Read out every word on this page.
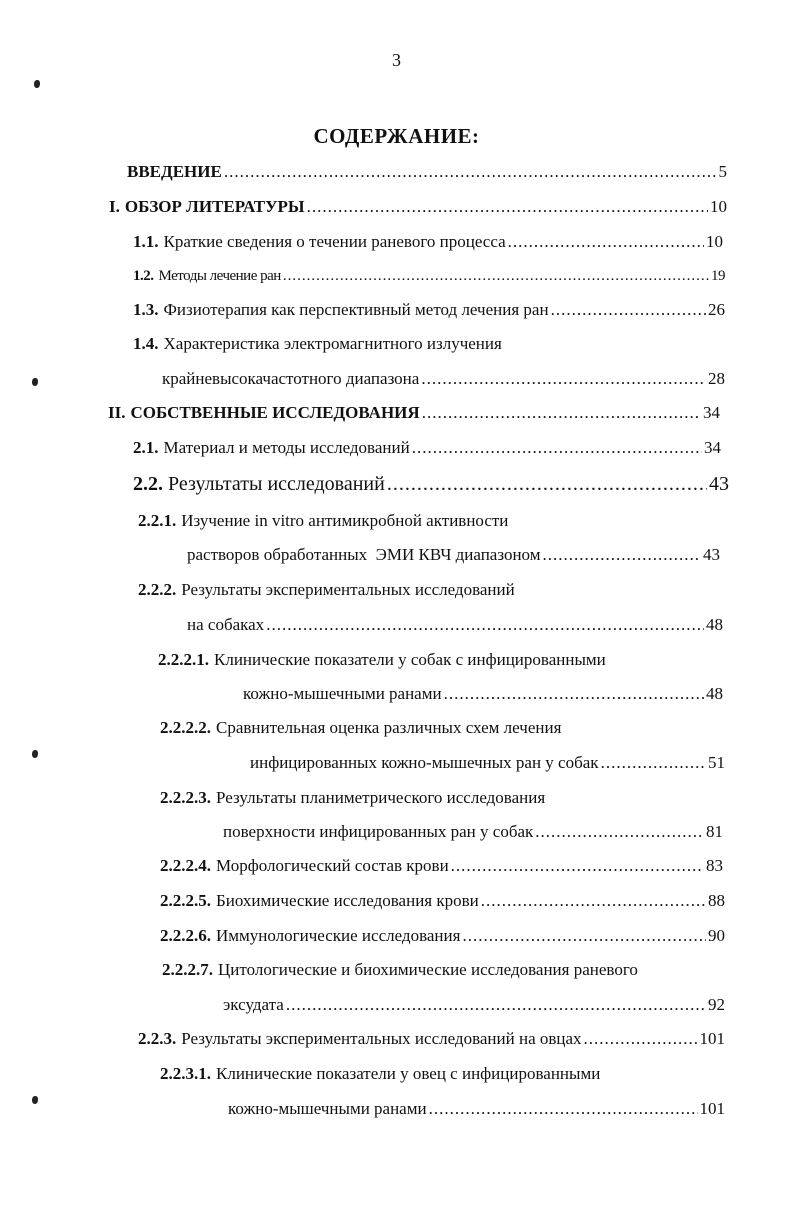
3
СОДЕРЖАНИЕ:
ВВЕДЕНИЕ .....	5
I. ОБЗОР ЛИТЕРАТУРЫ .....	10
1.1. Краткие сведения о течении раневого процесса .....	10
1.2. Методы лечение ран .....	19
1.3. Физиотерапия как перспективный метод лечения ран .....	26
1.4. Характеристика электромагнитного излучения
крайневысокачастотного диапазона .....	28
II. СОБСТВЕННЫЕ ИССЛЕДОВАНИЯ .....	34
2.1. Материал и методы исследований .....	34
2.2. Результаты исследований .....	43
2.2.1. Изучение in vitro антимикробной активности
растворов обработанных  ЭМИ КВЧ диапазоном .....	43
2.2.2. Результаты экспериментальных исследований
на собаках .....	48
2.2.2.1. Клинические показатели у собак с инфицированными
кожно-мышечными ранами .....	48
2.2.2.2. Сравнительная оценка различных схем лечения
инфицированных кожно-мышечных ран у собак .....	51
2.2.2.3. Результаты планиметрического исследования
поверхности инфицированных ран у собак .....	81
2.2.2.4. Морфологический состав крови .....	83
2.2.2.5. Биохимические исследования крови .....	88
2.2.2.6. Иммунологические исследования .....	90
2.2.2.7. Цитологические и биохимические исследования раневого
эксудата .....	92
2.2.3. Результаты экспериментальных исследований на овцах .....	101
2.2.3.1. Клинические показатели у овец с инфицированными
кожно-мышечными ранами .....	101
